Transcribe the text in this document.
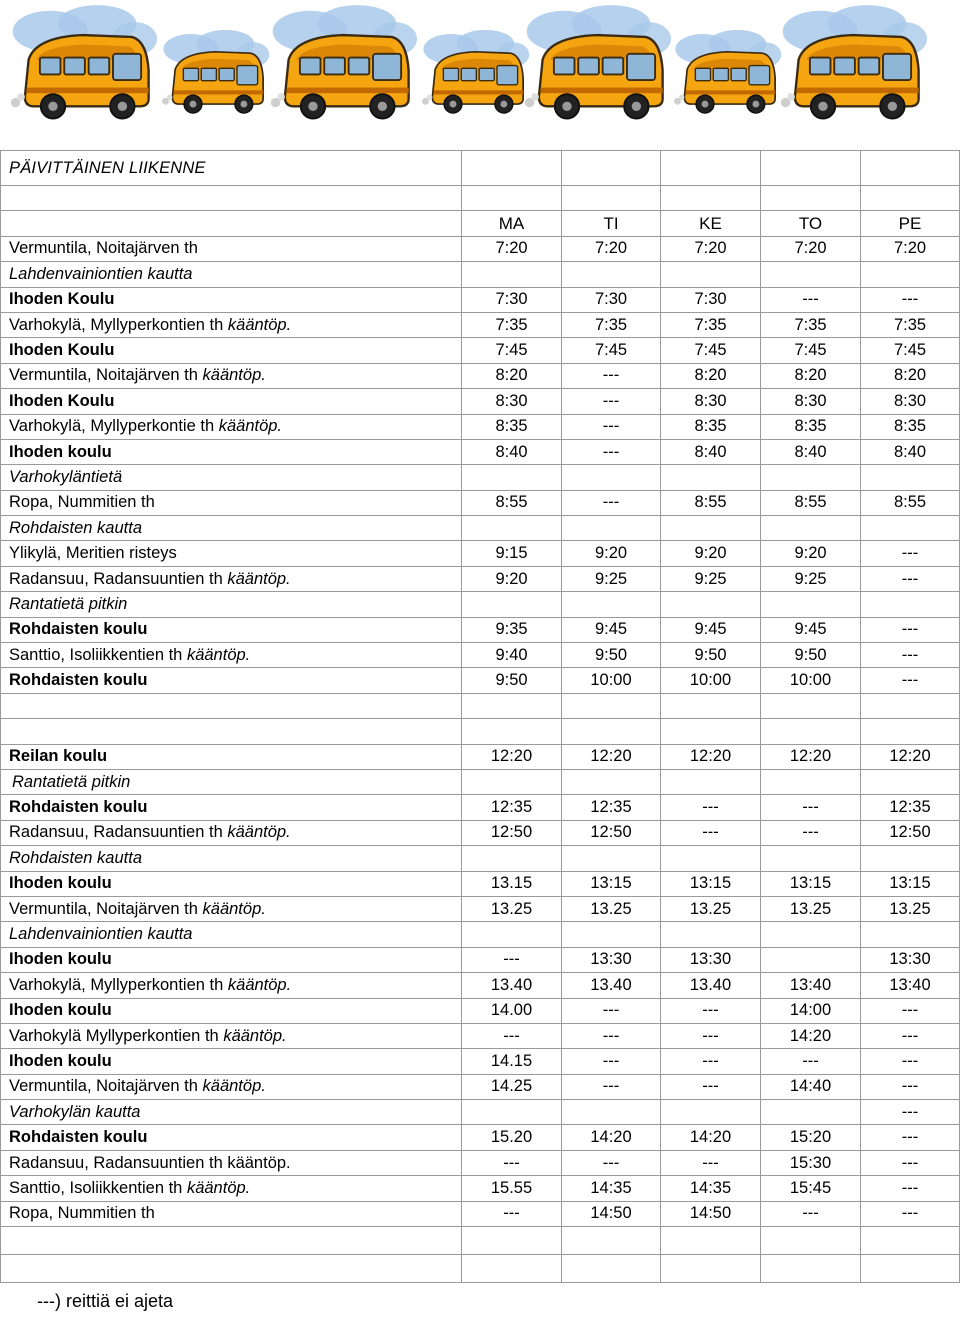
PÄIVITTÄINEN LIIKENNE					

	MA	TI	KE	TO	PE
Vermuntila, Noitajärven th	7:20	7:20	7:20	7:20	7:20
Lahdenvainiontien kautta					
Ihoden Koulu	7:30	7:30	7:30	---	---
Varhokylä, Myllyperkontien th kääntöp.	7:35	7:35	7:35	7:35	7:35
Ihoden Koulu	7:45	7:45	7:45	7:45	7:45
Vermuntila, Noitajärven th kääntöp.	8:20	---	8:20	8:20	8:20
Ihoden Koulu	8:30	---	8:30	8:30	8:30
Varhokylä, Myllyperkontie th kääntöp.	8:35	---	8:35	8:35	8:35
Ihoden koulu	8:40	---	8:40	8:40	8:40
Varhokyläntietä					
Ropa, Nummitien th	8:55	---	8:55	8:55	8:55
Rohdaisten kautta					
Ylikylä, Meritien risteys	9:15	9:20	9:20	9:20	---
Radansuu, Radansuuntien th kääntöp.	9:20	9:25	9:25	9:25	---
Rantatietä pitkin					
Rohdaisten koulu	9:35	9:45	9:45	9:45	---
Santtio, Isoliikkentien th kääntöp.	9:40	9:50	9:50	9:50	---
Rohdaisten koulu	9:50	10:00	10:00	10:00	---

Reilan koulu	12:20	12:20	12:20	12:20	12:20
Rantatietä pitkin					
Rohdaisten koulu	12:35	12:35	---	---	12:35
Radansuu, Radansuuntien th kääntöp.	12:50	12:50	---	---	12:50
Rohdaisten kautta					
Ihoden koulu	13.15	13:15	13:15	13:15	13:15
Vermuntila, Noitajärven th kääntöp.	13.25	13.25	13.25	13.25	13.25
Lahdenvainiontien kautta					
Ihoden koulu	---	13:30	13:30		13:30
Varhokylä, Myllyperkontien th kääntöp.	13.40	13.40	13.40	13:40	13:40
Ihoden koulu	14.00	---	---	14:00	---
Varhokylä Myllyperkontien th kääntöp.	---	---	---	14:20	---
Ihoden koulu	14.15	---	---	---	---
Vermuntila, Noitajärven th kääntöp.	14.25	---	---	14:40	---
Varhokylän kautta					---
Rohdaisten koulu	15.20	14:20	14:20	15:20	---
Radansuu, Radansuuntien th kääntöp.	---	---	---	15:30	---
Santtio, Isoliikkentien th kääntöp.	15.55	14:35	14:35	15:45	---
Ropa, Nummitien th	---	14:50	14:50	---	---

---) reittiä ei ajeta
